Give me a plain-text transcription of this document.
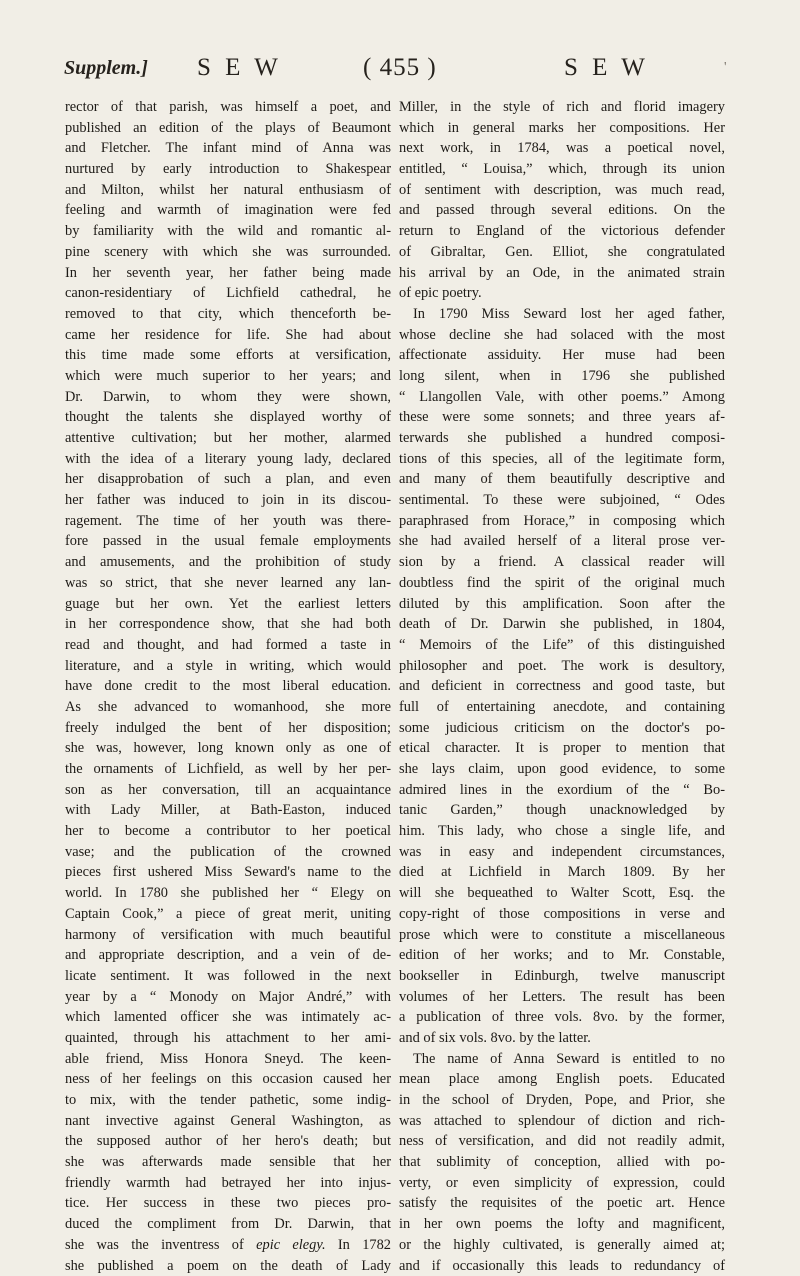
Supplem.] S E W	( 455 )	S E W	'
rector of that parish, was himself a poet, and
published an edition of the plays of Beaumont
and Fletcher. The infant mind of Anna was
nurtured by early introduction to Shakespear
and Milton, whilst her natural enthusiasm of
feeling and warmth of imagination were fed
by familiarity with the wild and romantic al-
pine scenery with which she was surrounded.
In her seventh year, her father being made
canon-residentiary of Lichfield cathedral, he
removed to that city, which thenceforth be-
came her residence for life. She had about
this time made some efforts at versification,
which were much superior to her years; and
Dr. Darwin, to whom they were shown,
thought the talents she displayed worthy of
attentive cultivation; but her mother, alarmed
with the idea of a literary young lady, declared
her disapprobation of such a plan, and even
her father was induced to join in its discou-
ragement. The time of her youth was there-
fore passed in the usual female employments
and amusements, and the prohibition of study
was so strict, that she never learned any lan-
guage but her own. Yet the earliest letters
in her correspondence show, that she had both
read and thought, and had formed a taste in
literature, and a style in writing, which would
have done credit to the most liberal education.
As she advanced to womanhood, she more
freely indulged the bent of her disposition;
she was, however, long known only as one of
the ornaments of Lichfield, as well by her per-
son as her conversation, till an acquaintance
with Lady Miller, at Bath-Easton, induced
her to become a contributor to her poetical
vase; and the publication of the crowned
pieces first ushered Miss Seward's name to the
world. In 1780 she published her “ Elegy on
Captain Cook,” a piece of great merit, uniting
harmony of versification with much beautiful
and appropriate description, and a vein of de-
licate sentiment. It was followed in the next
year by a “ Monody on Major André,” with
which lamented officer she was intimately ac-
quainted, through his attachment to her ami-
able friend, Miss Honora Sneyd. The keen-
ness of her feelings on this occasion caused her
to mix, with the tender pathetic, some indig-
nant invective against General Washington, as
the supposed author of her hero's death; but
she was afterwards made sensible that her
friendly warmth had betrayed her into injus-
tice. Her success in these two pieces pro-
duced the compliment from Dr. Darwin, that
she was the inventress of epic elegy. In 1782
she published a poem on the death of Lady
Miller, in the style of rich and florid imagery
which in general marks her compositions. Her
next work, in 1784, was a poetical novel,
entitled, “ Louisa,” which, through its union
of sentiment with description, was much read,
and passed through several editions. On the
return to England of the victorious defender
of Gibraltar, Gen. Elliot, she congratulated
his arrival by an Ode, in the animated strain
of epic poetry.
In 1790 Miss Seward lost her aged father,
whose decline she had solaced with the most
affectionate assiduity. Her muse had been
long silent, when in 1796 she published
“ Llangollen Vale, with other poems.” Among
these were some sonnets; and three years af-
terwards she published a hundred composi-
tions of this species, all of the legitimate form,
and many of them beautifully descriptive and
sentimental. To these were subjoined, “ Odes
paraphrased from Horace,” in composing which
she had availed herself of a literal prose ver-
sion by a friend. A classical reader will
doubtless find the spirit of the original much
diluted by this amplification. Soon after the
death of Dr. Darwin she published, in 1804,
“ Memoirs of the Life” of this distinguished
philosopher and poet. The work is desultory,
and deficient in correctness and good taste, but
full of entertaining anecdote, and containing
some judicious criticism on the doctor's po-
etical character. It is proper to mention that
she lays claim, upon good evidence, to some
admired lines in the exordium of the “ Bo-
tanic Garden,” though unacknowledged by
him. This lady, who chose a single life, and
was in easy and independent circumstances,
died at Lichfield in March 1809. By her
will she bequeathed to Walter Scott, Esq. the
copy-right of those compositions in verse and
prose which were to constitute a miscellaneous
edition of her works; and to Mr. Constable,
bookseller in Edinburgh, twelve manuscript
volumes of her Letters. The result has been
a publication of three vols. 8vo. by the former,
and of six vols. 8vo. by the latter.
The name of Anna Seward is entitled to no
mean place among English poets. Educated
in the school of Dryden, Pope, and Prior, she
was attached to splendour of diction and rich-
ness of versification, and did not readily admit,
that sublimity of conception, allied with po-
verty, or even simplicity of expression, could
satisfy the requisites of the poetic art. Hence
in her own poems the lofty and magnificent,
or the highly cultivated, is generally aimed at;
and if occasionally this leads to redundancy of
